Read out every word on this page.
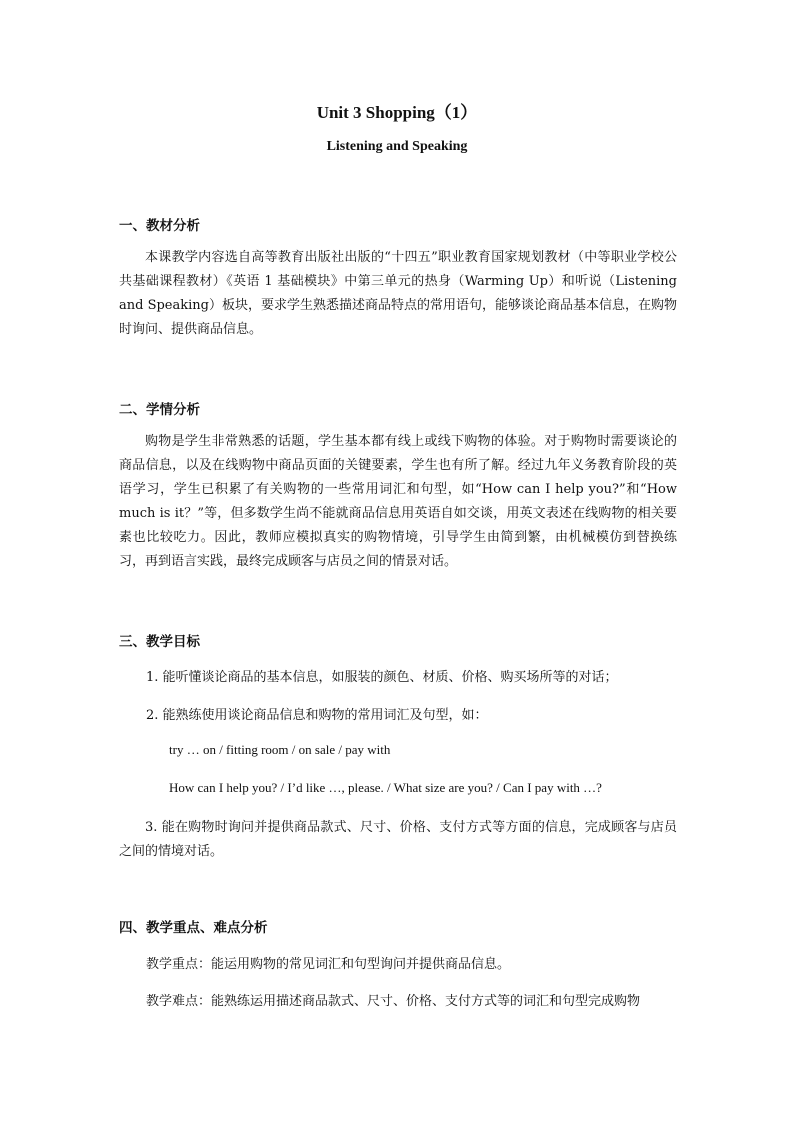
Unit 3 Shopping（1）
Listening and Speaking
一、教材分析
本课教学内容选自高等教育出版社出版的“十四五”职业教育国家规划教材（中等职业学校公共基础课程教材）《英语 1 基础模块》中第三单元的热身（Warming Up）和听说（Listening and Speaking）板块，要求学生熟悉描述商品特点的常用语句，能够谈论商品基本信息，在购物时询问、提供商品信息。
二、学情分析
购物是学生非常熟悉的话题，学生基本都有线上或线下购物的体验。对于购物时需要谈论的商品信息，以及在线购物中商品页面的关键要素，学生也有所了解。经过九年义务教育阶段的英语学习，学生已积累了有关购物的一些常用词汇和句型，如“How can I help you?”和“How much is it？”等，但多数学生尚不能就商品信息用英语自如交谈，用英文表述在线购物的相关要素也比较吃力。因此，教师应模拟真实的购物情境，引导学生由简到繁，由机械模仿到替换练习，再到语言实践，最终完成顾客与店员之间的情景对话。
三、教学目标
1. 能听懂谈论商品的基本信息，如服装的颜色、材质、价格、购买场所等的对话；
2. 能熟练使用谈论商品信息和购物的常用词汇及句型，如：
try … on / fitting room / on sale / pay with
How can I help you? / I’d like …, please. / What size are you? / Can I pay with …?
3. 能在购物时询问并提供商品款式、尺寸、价格、支付方式等方面的信息，完成顾客与店员之间的情境对话。
四、教学重点、难点分析
教学重点：能运用购物的常见词汇和句型询问并提供商品信息。
教学难点：能熟练运用描述商品款式、尺寸、价格、支付方式等的词汇和句型完成购物
